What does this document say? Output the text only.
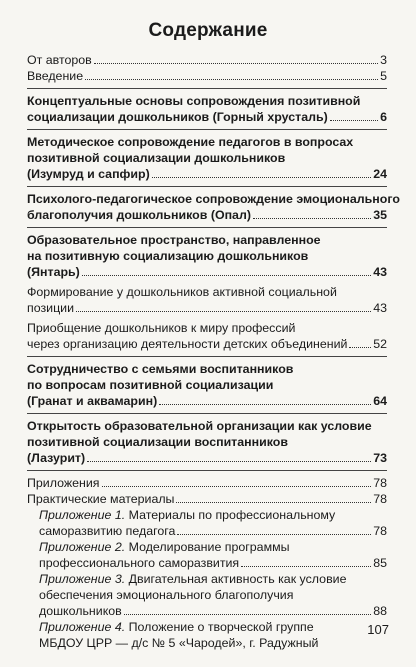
Содержание
От авторов	3
Введение	5
Концептуальные основы сопровождения позитивной
социализации дошкольников (Горный хрусталь)	6
Методическое сопровождение педагогов в вопросах
позитивной социализации дошкольников
(Изумруд и сапфир)	24
Психолого-педагогическое сопровождение эмоционального
благополучия дошкольников (Опал)	35
Образовательное пространство, направленное
на позитивную социализацию дошкольников
(Янтарь)	43
Формирование у дошкольников активной социальной
позиции	43
Приобщение дошкольников к миру профессий
через организацию деятельности детских объединений 52
Сотрудничество с семьями воспитанников
по вопросам позитивной социализации
(Гранат и аквамарин)	64
Открытость образовательной организации как условие
позитивной социализации воспитанников
(Лазурит)	73
Приложения	78
Практические материалы	78
Приложение 1.
Материалы по профессиональному
саморазвитию педагога	78
Приложение 2.
Моделирование программы
профессионального саморазвития	85
Приложение 3.
Двигательная активность как условие
обеспечения эмоционального благополучия
дошкольников	88
Приложение 4.
Положение о творческой группе
МБДОУ ЦРР — д/с № 5 «Чародей», г. Радужный
107
